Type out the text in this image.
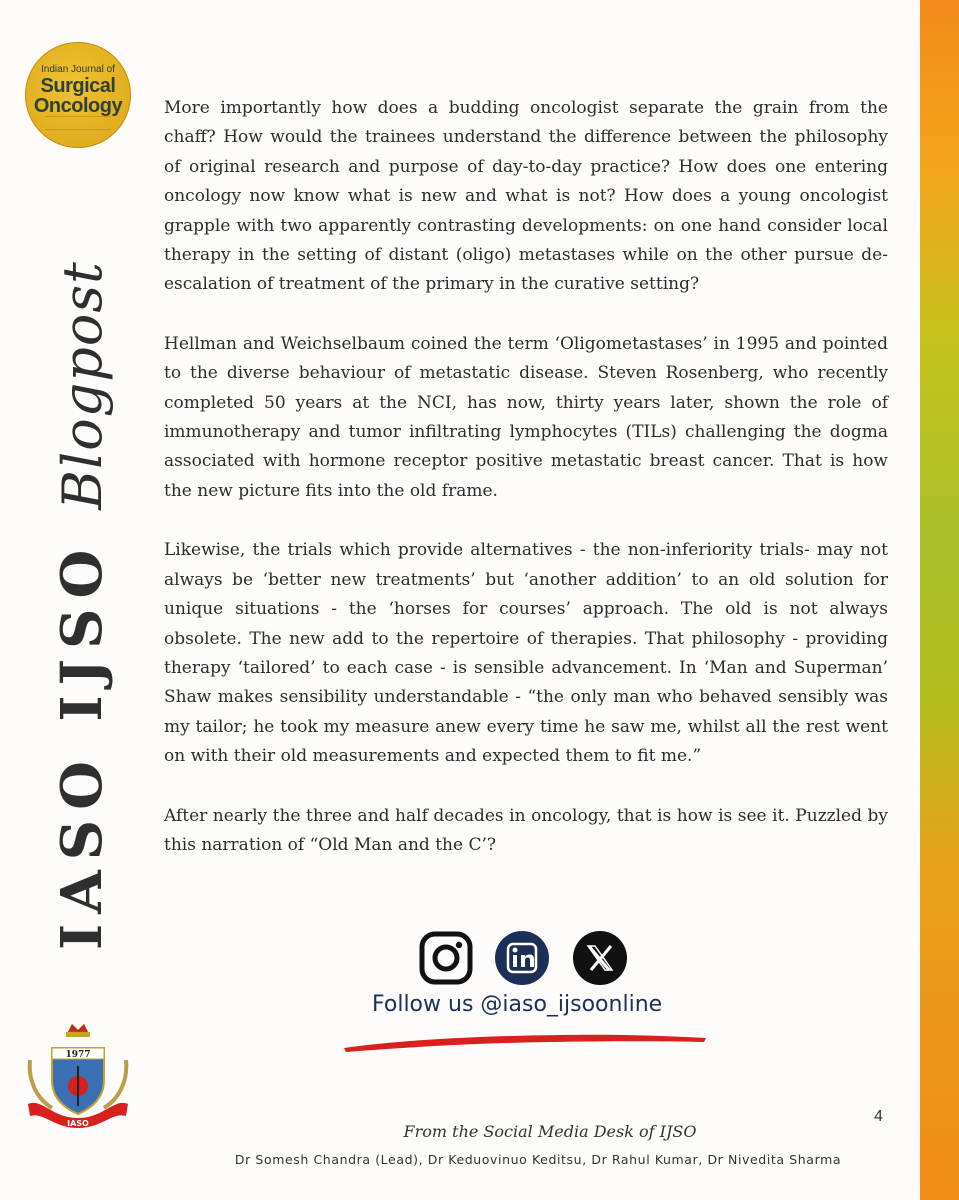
Indian Journal of
Surgical
Oncology
IASO IJSO
Blogpost

More importantly how does a budding oncologist separate the grain from the chaff? How would the trainees understand the difference between the philosophy of original research and purpose of day-to-day practice? How does one entering oncology now know what is new and what is not? How does a young oncologist grapple with two apparently contrasting developments: on one hand consider local therapy in the setting of distant (oligo) metastases while on the other pursue de-escalation of treatment of the primary in the curative setting?

Hellman and Weichselbaum coined the term ‘Oligometastases’ in 1995 and pointed to the diverse behaviour of metastatic disease. Steven Rosenberg, who recently completed 50 years at the NCI, has now, thirty years later, shown the role of immunotherapy and tumor infiltrating lymphocytes (TILs) challenging the dogma associated with hormone receptor positive metastatic breast cancer. That is how the new picture fits into the old frame.

Likewise, the trials which provide alternatives - the non-inferiority trials- may not always be ‘better new treatments’ but ‘another addition’ to an old solution for unique situations - the ‘horses for courses’ approach. The old is not always obsolete. The new add to the repertoire of therapies. That philosophy - providing therapy ‘tailored’ to each case - is sensible advancement. In ‘Man and Superman’ Shaw makes sensibility understandable - “the only man who behaved sensibly was my tailor; he took my measure anew every time he saw me, whilst all the rest went on with their old measurements and expected them to fit me.”

After nearly the three and half decades in oncology, that is how is see it. Puzzled by this narration of “Old Man and the C’?

Follow us @iaso_ijsoonline
1977
IASO	4
From the Social Media Desk of IJSO
Dr Somesh Chandra (Lead), Dr Keduovinuo Keditsu, Dr Rahul Kumar, Dr Nivedita Sharma
